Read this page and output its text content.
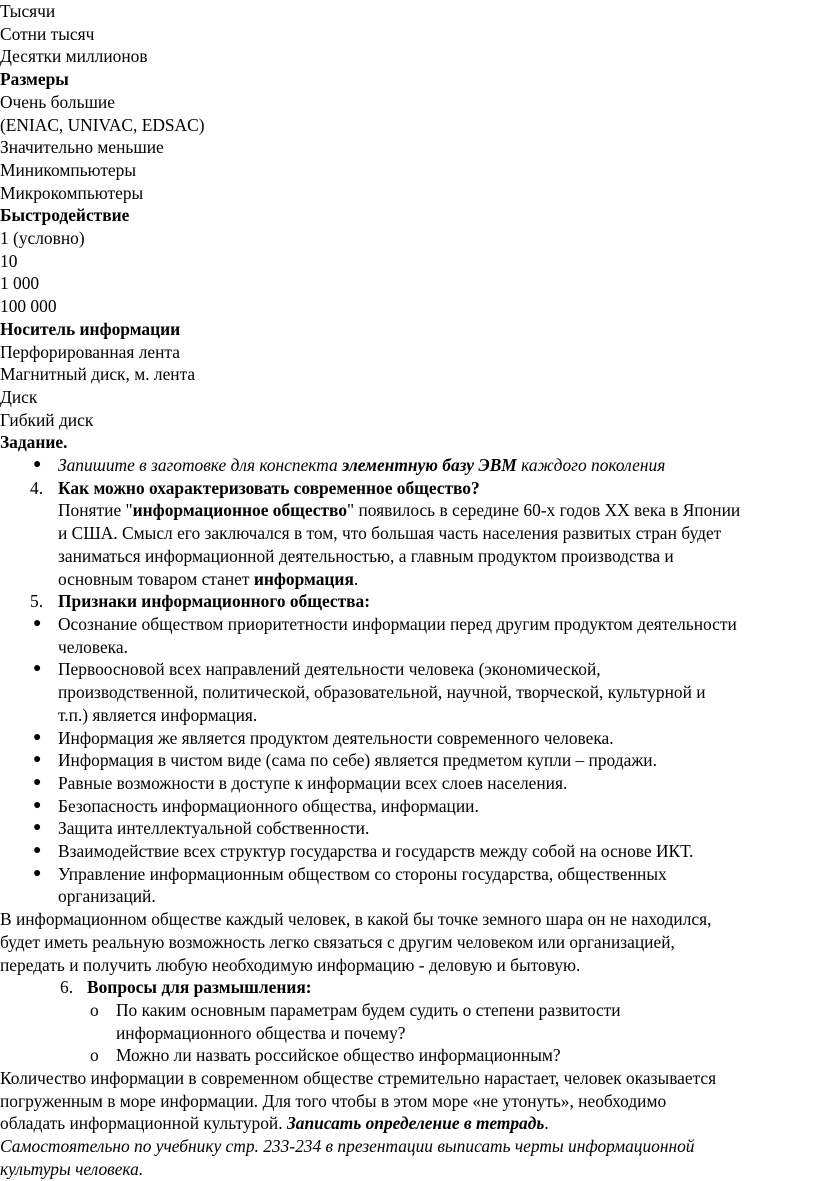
Тысячи

Сотни тысяч

Десятки миллионов

Размеры

Очень большие

(ENIAC, UNIVAC, EDSAC)

Значительно меньшие

Миникомпьютеры

Микрокомпьютеры

Быстродействие

1 (условно)

10

1 000

100 000

Носитель информации

Перфорированная лента

Магнитный диск, м. лента

Диск

Гибкий диск

Задание.

● Запишите в заготовке для конспекта элементную базу ЭВМ каждого поколения
4. Как можно охарактеризовать современное общество?
Понятие "информационное общество" появилось в середине 60-х годов XX века в Японии
и США. Смысл его заключался в том, что большая часть населения развитых стран будет
заниматься информационной деятельностью, а главным продуктом производства и
основным товаром станет информация.
5. Признаки информационного общества:
● Осознание обществом приоритетности информации перед другим продуктом деятельности
человека.
● Первоосновой всех направлений деятельности человека (экономической,
производственной, политической, образовательной, научной, творческой, культурной и
т.п.) является информация.
● Информация же является продуктом деятельности современного человека.
● Информация в чистом виде (сама по себе) является предметом купли – продажи.
● Равные возможности в доступе к информации всех слоев населения.
● Безопасность информационного общества, информации.
● Защита интеллектуальной собственности.
● Взаимодействие всех структур государства и государств между собой на основе ИКТ.
● Управление информационным обществом со стороны государства, общественных
организаций.

В информационном обществе каждый человек, в какой бы точке земного шара он не находился,

будет иметь реальную возможность легко связаться с другим человеком или организацией,

передать и получить любую необходимую информацию - деловую и бытовую.

6. Вопросы для размышления:
o По каким основным параметрам будем судить о степени развитости
информационного общества и почему?
o Можно ли назвать российское общество информационным?

Количество информации в современном обществе стремительно нарастает, человек оказывается

погруженным в море информации. Для того чтобы в этом море «не утонуть», необходимо

обладать информационной культурой. Записать определение в тетрадь.

Самостоятельно по учебнику стр. 233-234 в презентации выписать черты информационной

культуры человека.
